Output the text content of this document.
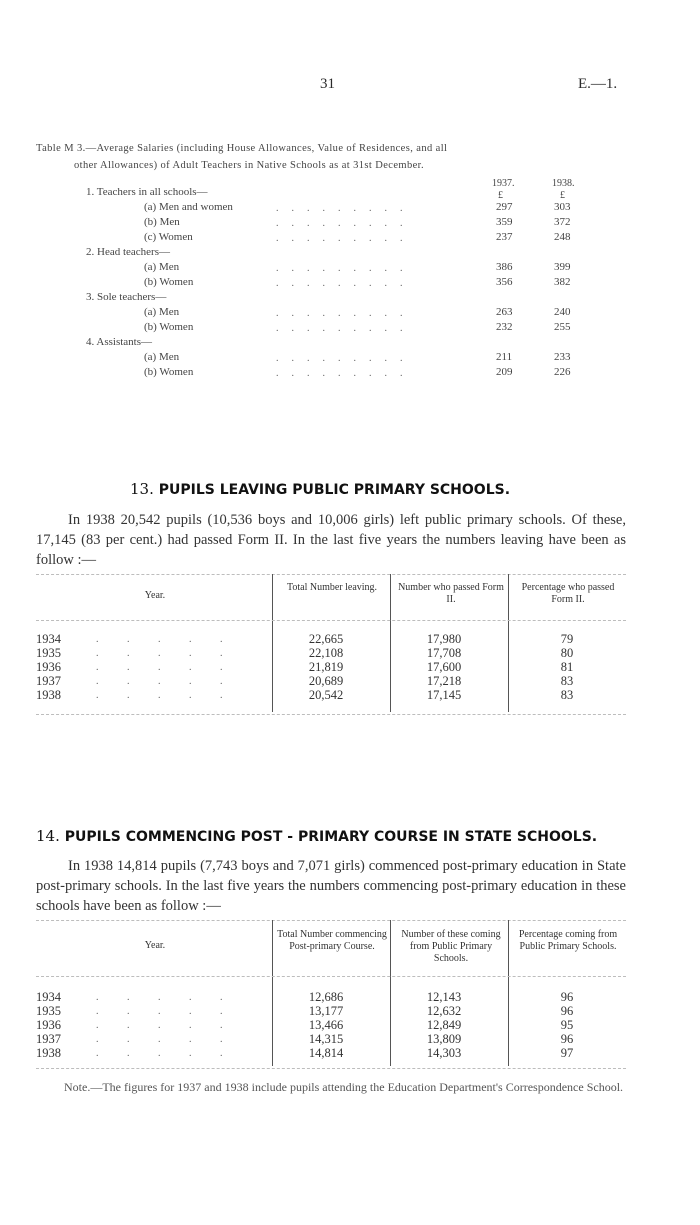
31	E.—1.
Table M 3.—Average Salaries (including House Allowances, Value of Residences, and all
other Allowances) of Adult Teachers in Native Schools as at 31st December.
1937.	1938.
£	£
1. Teachers in all schools—
(a) Men and women	.........	297	303
(b) Men	.........	359	372
(c) Women	.........	237	248
2. Head teachers—
(a) Men	.........	386	399
(b) Women	.........	356	382
3. Sole teachers—
(a) Men	.........	263	240
(b) Women	.........	232	255
4. Assistants—
(a) Men	.........	211	233
(b) Women	.........	209	226
13. PUPILS LEAVING PUBLIC PRIMARY SCHOOLS.
In 1938 20,542 pupils (10,536 boys and 10,006 girls) left public primary schools. Of these, 17,145 (83 per cent.) had passed Form II. In the last five years the numbers leaving have been as follow :—
Year.
Total Number leaving.	Number who passed Form II.
Percentage who passed Form II.
1934	. . . . .	22,665	17,980	79
1935	. . . . .	22,108	17,708	80
1936	. . . . .	21,819	17,600	81
1937	. . . . .	20,689	17,218	83
1938	. . . . .	20,542	17,145	83
14. PUPILS COMMENCING POST - PRIMARY COURSE IN STATE SCHOOLS.
In 1938 14,814 pupils (7,743 boys and 7,071 girls) commenced post-primary education in State post-primary schools. In the last five years the numbers commencing post-primary education in these schools have been as follow :—
Year.
Total Number commencing Post-primary Course.
Number of these coming from Public Primary Schools.
Percentage coming from Public Primary Schools.
1934	. . . . .	12,686	12,143	96
1935	. . . . .	13,177	12,632	96
1936	. . . . .	13,466	12,849	95
1937	. . . . .	14,315	13,809	96
1938	. . . . .	14,814	14,303	97
Note.—The figures for 1937 and 1938 include pupils attending the Education Department's Correspondence School.
